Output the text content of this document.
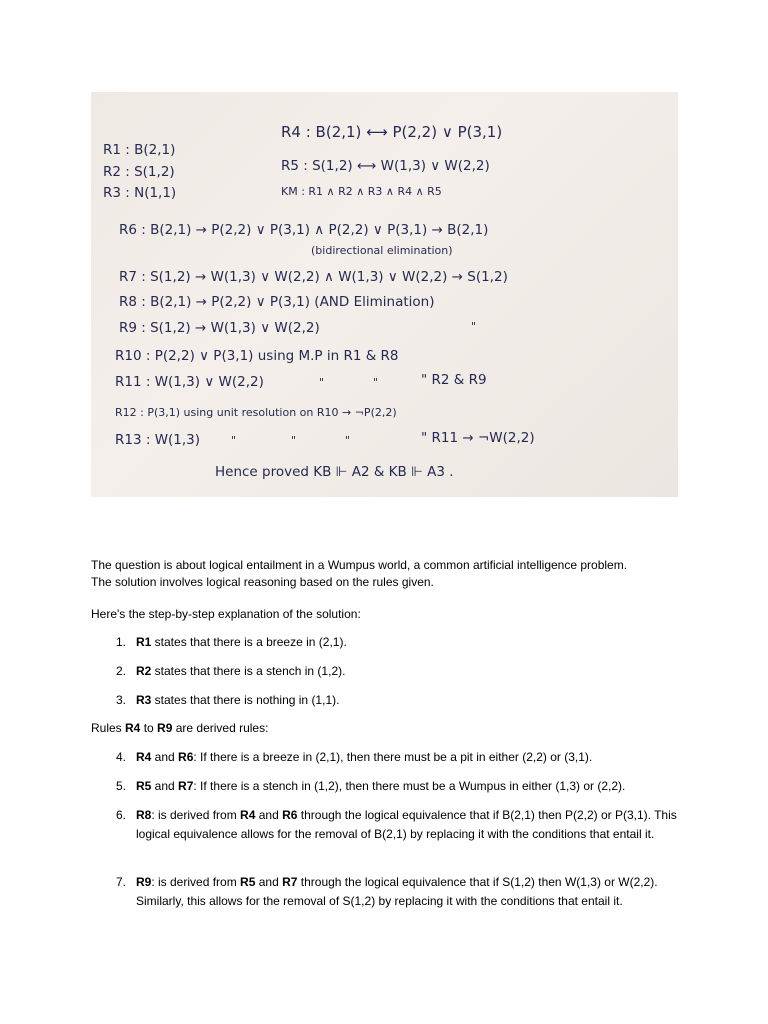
R1 : B(2,1)
R2 : S(1,2)
R3 : N(1,1)
R4 : B(2,1) ⟷ P(2,2) ∨ P(3,1)
R5 : S(1,2) ⟷ W(1,3) ∨ W(2,2)
KM : R1 ∧ R2 ∧ R3 ∧ R4 ∧ R5
R6 : B(2,1) → P(2,2) ∨ P(3,1) ∧ P(2,2) ∨ P(3,1) → B(2,1)
(bidirectional elimination)
R7 : S(1,2) → W(1,3) ∨ W(2,2) ∧ W(1,3) ∨ W(2,2) → S(1,2)
R8 : B(2,1) → P(2,2) ∨ P(3,1) (AND Elimination)
R9 : S(1,2) → W(1,3) ∨ W(2,2)	"
R10 : P(2,2) ∨ P(3,1) using M.P in R1 & R8
R11 : W(1,3) ∨ W(2,2)	"	"	" R2 & R9
R12 : P(3,1) using unit resolution on R10 → ¬P(2,2)
R13 : W(1,3)	"	"	"	" R11 → ¬W(2,2)
Hence proved KB ⊩ A2 & KB ⊩ A3 .

The question is about logical entailment in a Wumpus world, a common artificial intelligence problem.

The solution involves logical reasoning based on the rules given.

Here's the step-by-step explanation of the solution:

1. R1 states that there is a breeze in (2,1).
2. R2 states that there is a stench in (1,2).
3. R3 states that there is nothing in (1,1).

Rules R4 to R9 are derived rules:

4. R4 and R6: If there is a breeze in (2,1), then there must be a pit in either (2,2) or (3,1).
5. R5 and R7: If there is a stench in (1,2), then there must be a Wumpus in either (1,3) or (2,2).
6. R8: is derived from R4 and R6 through the logical equivalence that if B(2,1) then P(2,2) or P(3,1). This logical equivalence allows for the removal of B(2,1) by replacing it with the conditions that entail it.
7. R9: is derived from R5 and R7 through the logical equivalence that if S(1,2) then W(1,3) or W(2,2). Similarly, this allows for the removal of S(1,2) by replacing it with the conditions that entail it.
